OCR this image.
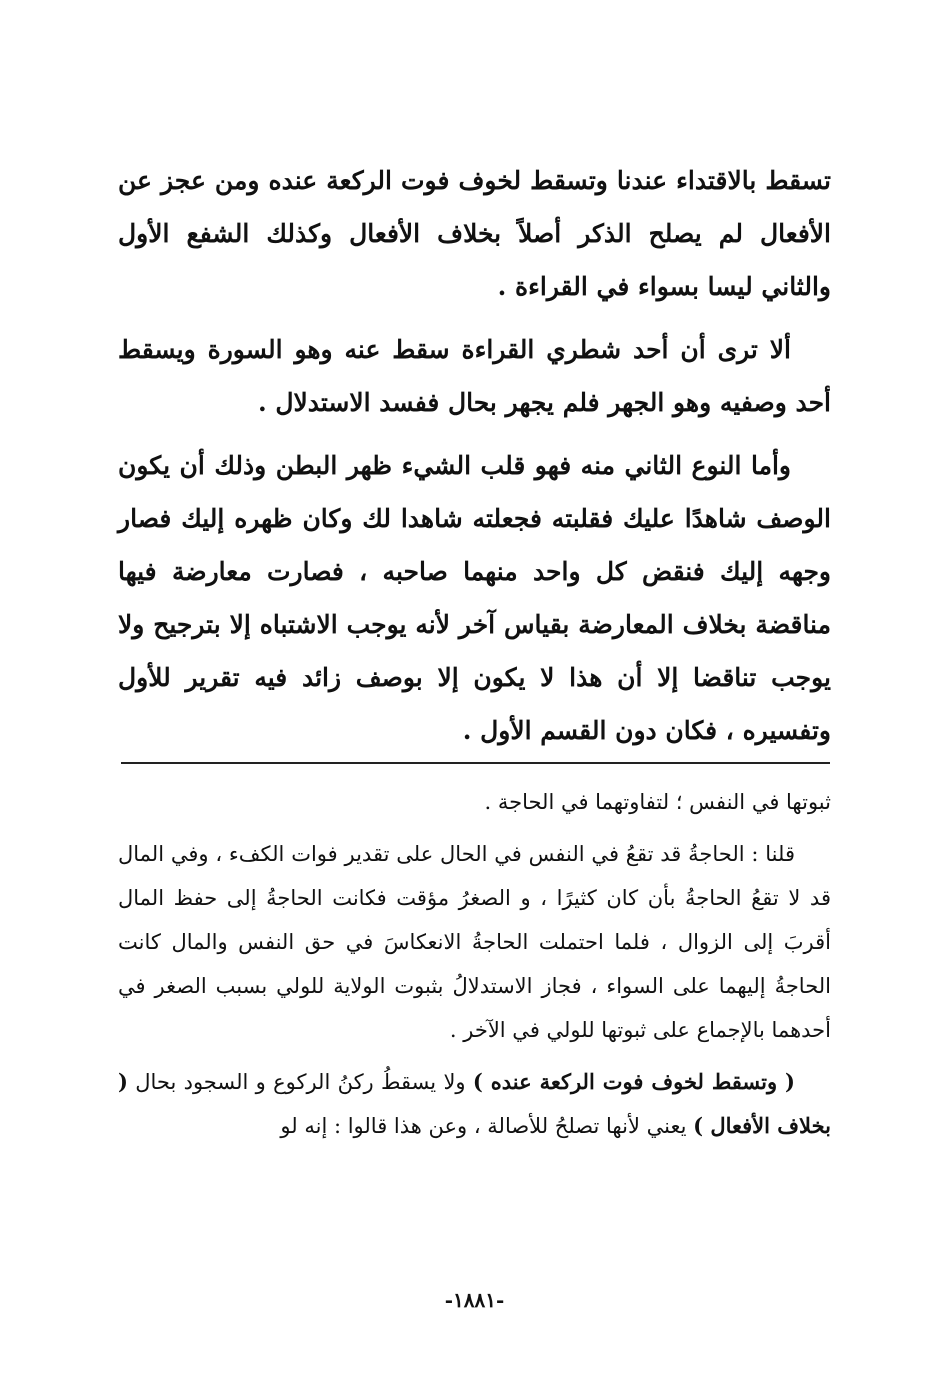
تسقط بالاقتداء عندنا وتسقط لخوف فوت الركعة عنده ومن عجز عن الأفعال لم يصلح الذكر أصلاً بخلاف الأفعال وكذلك الشفع الأول والثاني ليسا بسواء في القراءة .

ألا ترى أن أحد شطري القراءة سقط عنه وهو السورة ويسقط أحد وصفيه وهو الجهر فلم يجهر بحال ففسد الاستدلال .

وأما النوع الثاني منه فهو قلب الشيء ظهر البطن وذلك أن يكون الوصف شاهدًا عليك فقلبته فجعلته شاهدا لك وكان ظهره إليك فصار وجهه إليك فنقض كل واحد منهما صاحبه ، فصارت معارضة فيها مناقضة بخلاف المعارضة بقياس آخر لأنه يوجب الاشتباه إلا بترجيح ولا يوجب تناقضا إلا أن هذا لا يكون إلا بوصف زائد فيه تقرير للأول وتفسيره ، فكان دون القسم الأول .

ثبوتها في النفس ؛ لتفاوتهما في الحاجة .

قلنا : الحاجةُ قد تقعُ في النفس في الحال على تقدير فوات الكفء ، وفي المال قد لا تقعُ الحاجةُ بأن كان كثيرًا ، و الصغرُ مؤقت فكانت الحاجةُ إلى حفظ المال أقربَ إلى الزوال ، فلما احتملت الحاجةُ الانعكاسَ في حق النفس والمال كانت الحاجةُ إليهما على السواء ، فجاز الاستدلالُ بثبوت الولاية للولي بسبب الصغر في أحدهما بالإجماع على ثبوتها للولي في الآخر .

( وتسقط لخوف فوت الركعة عنده ) ولا يسقطُ ركنُ الركوع و السجود بحال ( بخلاف الأفعال ) يعني لأنها تصلحُ للأصالة ، وعن هذا قالوا : إنه لو

-١٨٨١-
